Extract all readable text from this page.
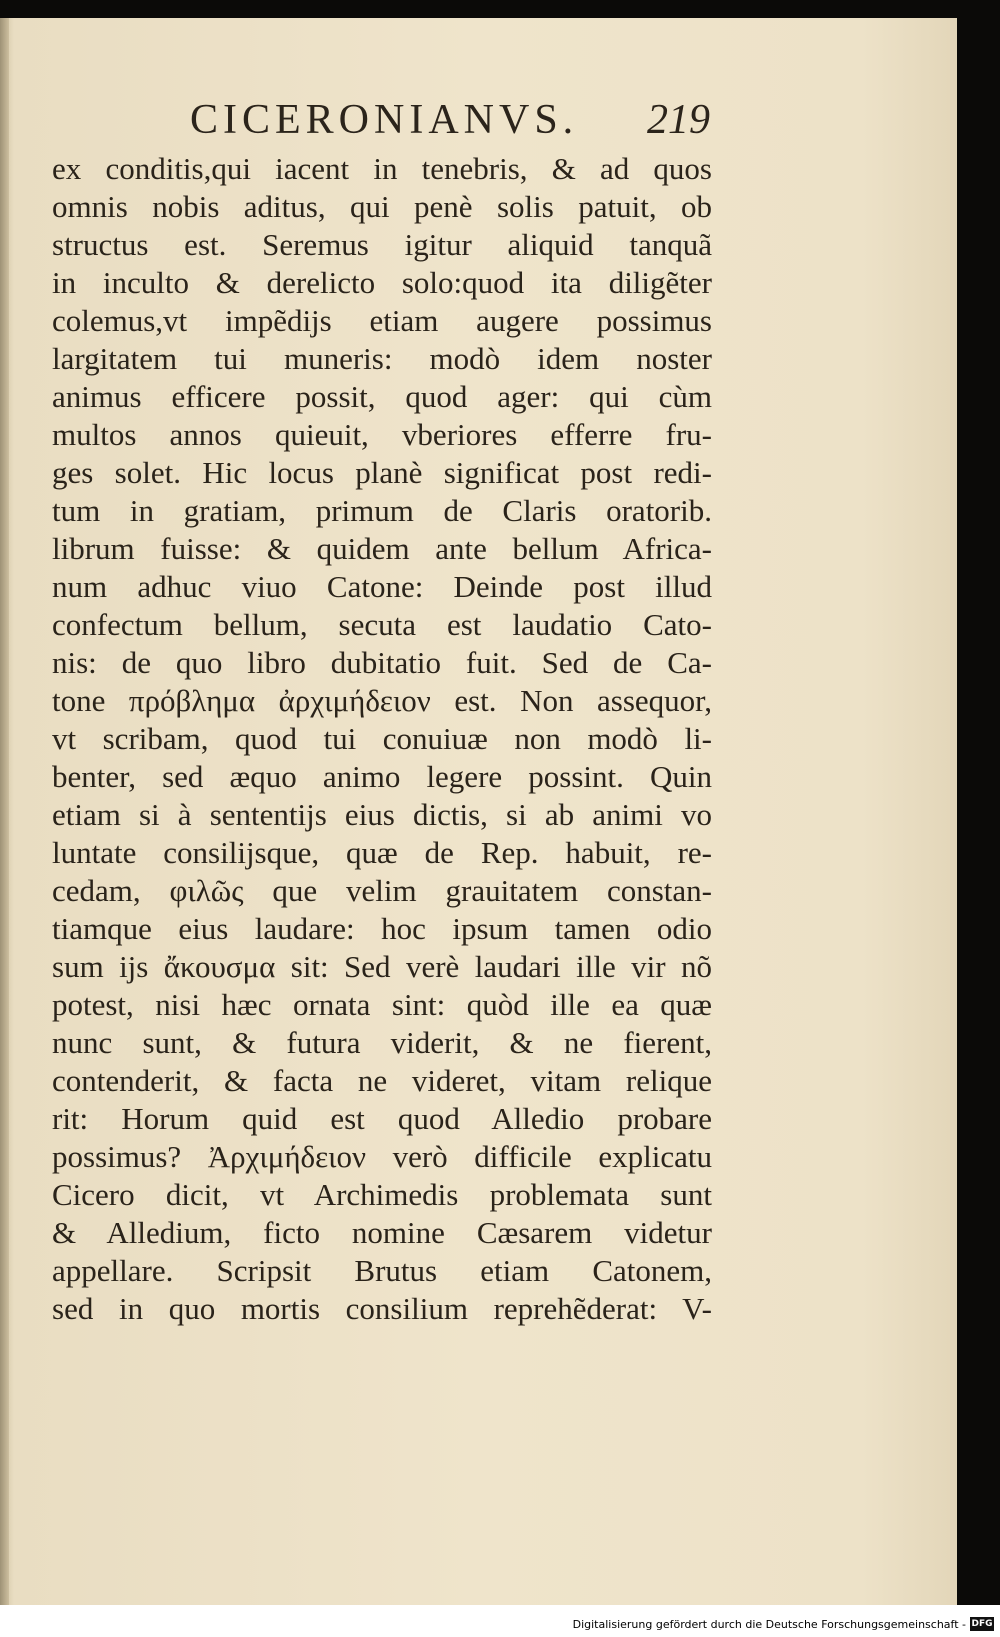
CICERONIANVS. 219
ex conditis,qui iacent in tenebris, & ad quos
omnis nobis aditus, qui penè solis patuit, ob
structus est. Seremus igitur aliquid tanquã
in inculto & derelicto solo:quod ita diligẽter
colemus,vt impẽdijs etiam augere possimus
largitatem tui muneris: modò idem noster
animus efficere possit, quod ager: qui cùm
multos annos quieuit, vberiores efferre fru-
ges solet. Hic locus planè significat post redi-
tum in gratiam, primum de Claris oratorib.
librum fuisse: & quidem ante bellum Africa-
num adhuc viuo Catone: Deinde post illud
confectum bellum, secuta est laudatio Cato-
nis: de quo libro dubitatio fuit. Sed de Ca-
tone πρόβλημα ἀρχιμήδειον est. Non assequor,
vt scribam, quod tui conuiuæ non modò li-
benter, sed æquo animo legere possint. Quin
etiam si à sententijs eius dictis, si ab animi vo
luntate consilijsque, quæ de Rep. habuit, re-
cedam, φιλῶς que velim grauitatem constan-
tiamque eius laudare: hoc ipsum tamen odio
sum ijs ἄκουσμα sit: Sed verè laudari ille vir nõ
potest, nisi hæc ornata sint: quòd ille ea quæ
nunc sunt, & futura viderit, & ne fierent,
contenderit, & facta ne videret, vitam relique
rit: Horum quid est quod Alledio probare
possimus? Ἀρχιμήδειον verò difficile explicatu
Cicero dicit, vt Archimedis problemata sunt
& Alledium, ficto nomine Cæsarem videtur
appellare. Scripsit Brutus etiam Catonem,
sed in quo mortis consilium reprehẽderat: V-
Digitalisierung gefördert durch die Deutsche Forschungsgemeinschaft - DFG
